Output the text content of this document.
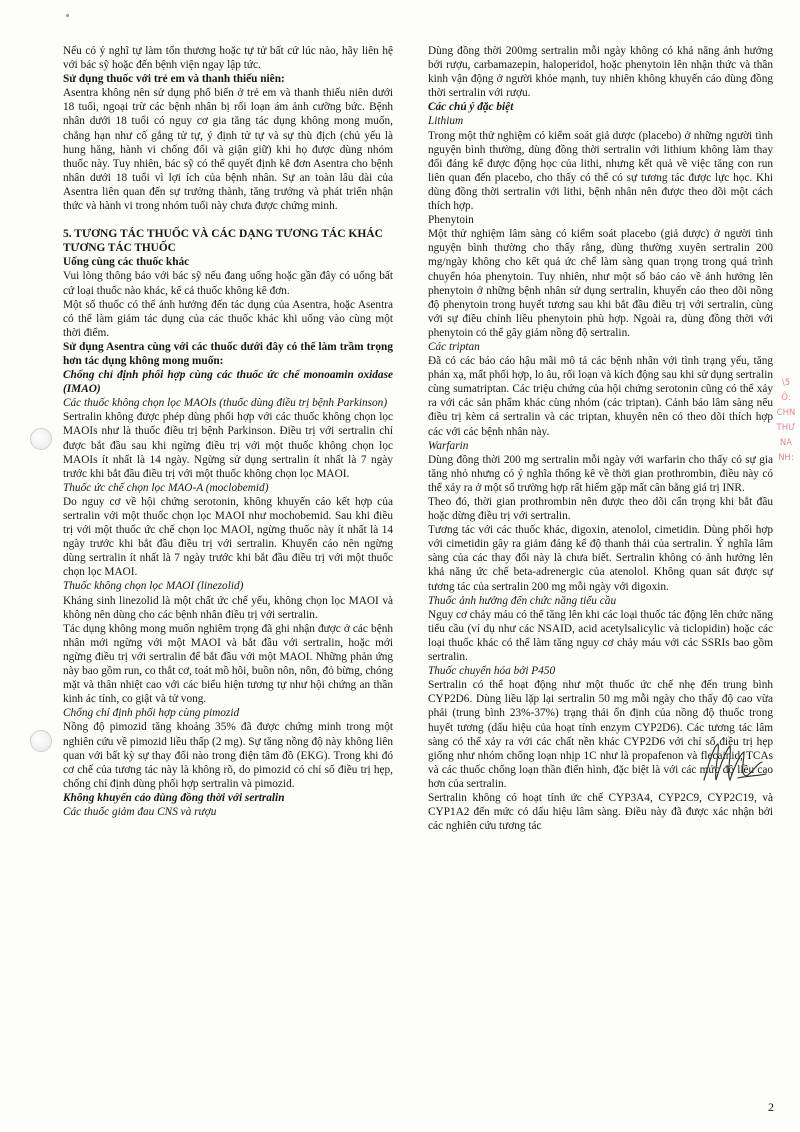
Nếu có ý nghĩ tự làm tổn thương hoặc tự tử bất cứ lúc nào, hãy liên hệ với bác sỹ hoặc đến bệnh viện ngay lập tức.

Sử dụng thuốc với trẻ em và thanh thiếu niên:

Asentra không nên sử dụng phổ biến ở trẻ em và thanh thiếu niên dưới 18 tuổi, ngoại trừ các bệnh nhân bị rối loạn ám ảnh cưỡng bức. Bệnh nhân dưới 18 tuổi có nguy cơ gia tăng tác dụng không mong muốn, chẳng hạn như cố gắng tử tự, ý định tử tự và sự thù địch (chủ yếu là hung hăng, hành vi chống đối và giận giữ) khi họ được dùng nhóm thuốc này. Tuy nhiên, bác sỹ có thể quyết định kê đơn Asentra cho bệnh nhân dưới 18 tuổi vì lợi ích của bệnh nhân. Sự an toàn lâu dài của Asentra liên quan đến sự trưởng thành, tăng trưởng và phát triển nhận thức và hành vi trong nhóm tuổi này chưa được chứng minh.

5. TƯƠNG TÁC THUỐC VÀ CÁC DẠNG TƯƠNG TÁC KHÁC

TƯƠNG TÁC THUỐC

Uống cùng các thuốc khác

Vui lòng thông báo với bác sỹ nếu đang uống hoặc gần đây có uống bất cứ loại thuốc nào khác, kể cả thuốc không kê đơn.

Một số thuốc có thể ảnh hưởng đến tác dụng của Asentra, hoặc Asentra có thể làm giảm tác dụng của các thuốc khác khi uống vào cùng một thời điểm.

Sử dụng Asentra cùng với các thuốc dưới đây có thể làm trầm trọng hơn tác dụng không mong muốn:

Chống chỉ định phối hợp cùng các thuốc ức chế monoamin oxidase (IMAO)

Các thuốc không chọn lọc MAOIs (thuốc dùng điều trị bệnh Parkinson)

Sertralin không được phép dùng phối hợp với các thuốc không chọn lọc MAOIs như là thuốc điều trị bệnh Parkinson. Điều trị với sertralin chỉ được bắt đầu sau khi ngừng điều trị với một thuốc không chọn lọc MAOIs ít nhất là 14 ngày. Ngừng sử dụng sertralin ít nhất là 7 ngày trước khi bắt đầu điều trị với một thuốc không chọn lọc MAOI.

Thuốc ức chế chọn lọc MAO-A (moclobemid)

Do nguy cơ về hội chứng serotonin, không khuyến cáo kết hợp của sertralin với một thuốc chọn lọc MAOI như mochobemid. Sau khi điều trị với một thuốc ức chế chọn lọc MAOI, ngừng thuốc này ít nhất là 14 ngày trước khi bắt đầu điều trị với sertralin. Khuyến cáo nên ngừng dùng sertralin ít nhất là 7 ngày trước khi bắt đầu điều trị với một thuốc chọn lọc MAOI.

Thuốc không chọn lọc MAOI (linezolid)

Kháng sinh linezolid là một chất ức chế yếu, không chọn lọc MAOI và không nên dùng cho các bệnh nhân điều trị với sertralin.

Tác dụng không mong muốn nghiêm trọng đã ghi nhận được ở các bệnh nhân mới ngừng với một MAOI và bắt đầu với sertralin, hoặc mới ngừng điều trị với sertralin để bắt đầu với một MAOI. Những phản ứng này bao gồm run, co thắt cơ, toát mồ hôi, buồn nôn, nôn, đỏ bừng, chóng mặt và thân nhiệt cao với các biểu hiện tương tự như hội chứng an thần kinh ác tính, co giật và tử vong.

Chống chỉ định phối hợp cùng pimozid

Nồng độ pimozid tăng khoảng 35% đã được chứng minh trong một nghiên cứu về pimozid liều thấp (2 mg). Sự tăng nồng độ này không liên quan với bất kỳ sự thay đổi nào trong điện tâm đồ (EKG). Trong khi đó cơ chế của tương tác này là không rõ, do pimozid có chỉ số điều trị hẹp, chống chỉ định dùng phối hợp sertralin và pimozid.

Không khuyến cáo dùng đồng thời với sertralin

Các thuốc giảm đau CNS và rượu

Dùng đồng thời 200mg sertralin mỗi ngày không có khả năng ảnh hưởng bởi rượu, carbamazepin, haloperidol, hoặc phenytoin lên nhận thức và thần kinh vận động ở người khỏe mạnh, tuy nhiên không khuyến cáo dùng đồng thời sertralin với rượu.

Các chú ý đặc biệt

Lithium

Trong một thử nghiệm có kiểm soát giả dược (placebo) ở những người tình nguyện bình thường, dùng đồng thời sertralin với lithium không làm thay đổi đáng kể được động học của lithi, nhưng kết quả về việc tăng con run liên quan đến placebo, cho thấy có thể có sự tương tác được lực học. Khi dùng đồng thời sertralin với lithi, bệnh nhân nên được theo dõi một cách thích hợp.

Phenytoin

Một thử nghiệm lâm sàng có kiểm soát placebo (giả dược) ở người tình nguyện bình thường cho thấy rằng, dùng thường xuyên sertralin 200 mg/ngày không cho kết quả ức chế làm sàng quan trọng trong quá trình chuyển hóa phenytoin. Tuy nhiên, như một số báo cáo về ảnh hưởng lên phenytoin ở những bệnh nhân sử dụng sertralin, khuyến cáo theo dõi nồng độ phenytoin trong huyết tương sau khi bắt đầu điều trị với sertralin, cùng với sự điều chỉnh liều phenytoin phù hợp. Ngoài ra, dùng đồng thời với phenytoin có thể gây giảm nồng độ sertralin.

Các triptan

Đã có các báo cáo hậu mãi mô tả các bệnh nhân với tình trạng yếu, tăng phản xạ, mất phối hợp, lo âu, rối loạn và kích động sau khi sử dụng sertralin cùng sumatriptan. Các triệu chứng của hội chứng serotonin cũng có thể xảy ra với các sản phẩm khác cùng nhóm (các triptan). Cảnh báo lâm sàng nếu điều trị kèm cả sertralin và các triptan, khuyên nên có theo dõi thích hợp các với các bệnh nhân này.

Warfarin

Dùng đồng thời 200 mg sertralin mỗi ngày với warfarin cho thấy có sự gia tăng nhỏ nhưng có ý nghĩa thống kê về thời gian prothrombin, điều này có thể xảy ra ở một số trường hợp rất hiếm gặp mất cân bằng giá trị INR.

Theo đó, thời gian prothrombin nên được theo dõi cẩn trọng khi bắt đầu hoặc dừng điều trị với sertralin.

Tương tác với các thuốc khác, digoxin, atenolol, cimetidin. Dùng phối hợp với cimetidin gây ra giảm đáng kể độ thanh thải của sertralin. Ý nghĩa lâm sàng của các thay đổi này là chưa biết. Sertralin không có ảnh hưởng lên khả năng ức chế beta-adrenergic của atenolol. Không quan sát được sự tương tác của sertralin 200 mg mỗi ngày với digoxin.

Thuốc ảnh hưởng đến chức năng tiểu cầu

Nguy cơ chảy máu có thể tăng lên khi các loại thuốc tác động lên chức năng tiểu cầu (ví dụ như các NSAID, acid acetylsalicylic và ticlopidin) hoặc các loại thuốc khác có thể làm tăng nguy cơ chảy máu với các SSRIs bao gồm sertralin.

Thuốc chuyển hóa bởi P450

Sertralin có thể hoạt động như một thuốc ức chế nhẹ đến trung bình CYP2D6. Dùng liều lặp lại sertralin 50 mg mỗi ngày cho thấy độ cao vừa phải (trung bình 23%-37%) trạng thái ổn định của nồng độ thuốc trong huyết tương (dấu hiệu của hoạt tính enzym CYP2D6). Các tương tác lâm sàng có thể xảy ra với các chất nền khác CYP2D6 với chỉ số điều trị hẹp giống như nhóm chống loạn nhịp 1C như là propafenon và flecainid, TCAs và các thuốc chống loạn thần điển hình, đặc biệt là với các mức độ liều cao hơn của sertralin.

Sertralin không có hoạt tính ức chế CYP3A4, CYP2C9, CYP2C19, và CYP1A2 đến mức có dấu hiệu lâm sàng. Điều này đã được xác nhận bởi các nghiên cứu tương tác

\5
Ô:
CHN
THƯ
NA
NH:
2
